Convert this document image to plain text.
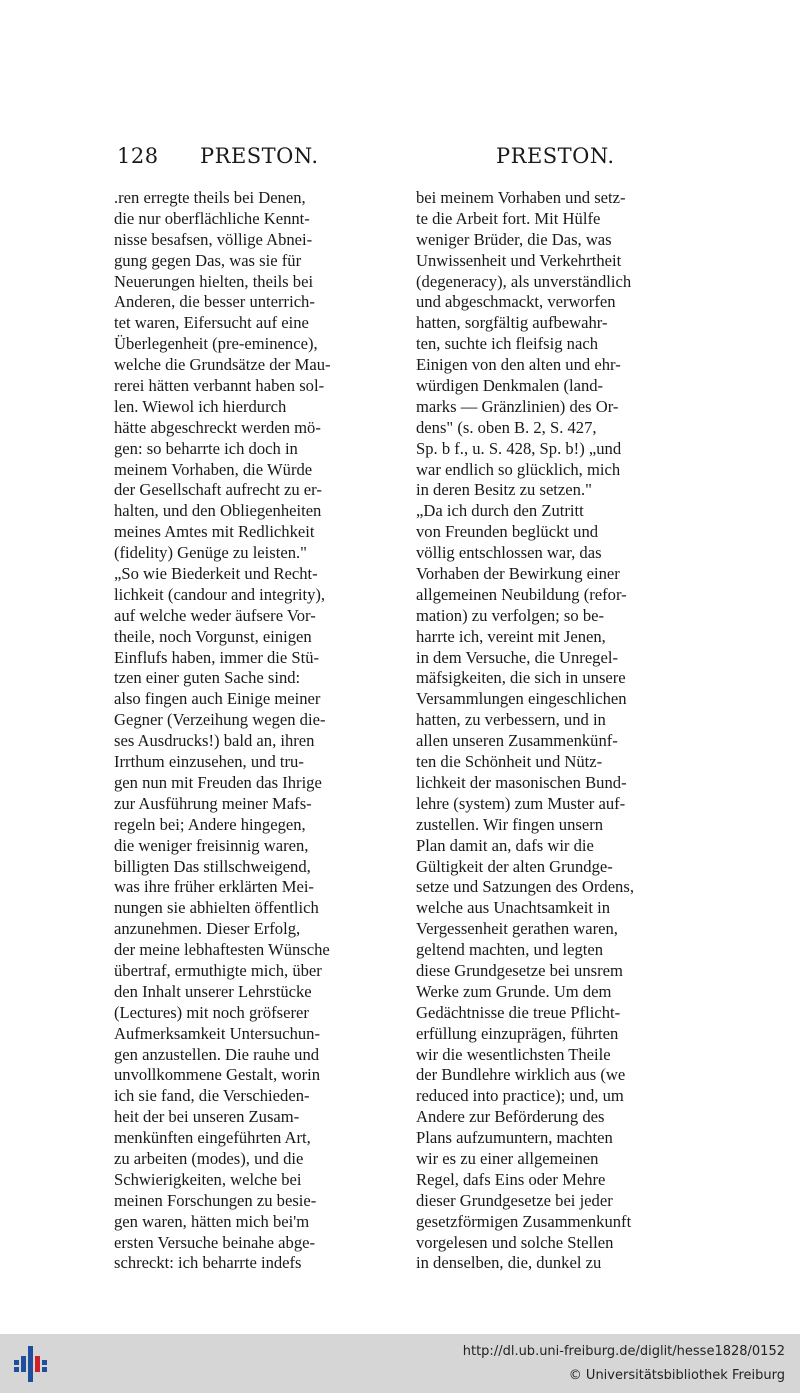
128 PRESTON.	PRESTON.
.ren erregte theils bei Denen,
die nur oberflächliche Kennt-
nisse besafsen, völlige Abnei-
gung gegen Das, was sie für
Neuerungen hielten, theils bei
Anderen, die besser unterrich-
tet waren, Eifersucht auf eine
Überlegenheit (pre-eminence),
welche die Grundsätze der Mau-
rerei hätten verbannt haben sol-
len. Wiewol ich hierdurch
hätte abgeschreckt werden mö-
gen: so beharrte ich doch in
meinem Vorhaben, die Würde
der Gesellschaft aufrecht zu er-
halten, und den Obliegenheiten
meines Amtes mit Redlichkeit
(fidelity) Genüge zu leisten."
„So wie Biederkeit und Recht-
lichkeit (candour and integrity),
auf welche weder äufsere Vor-
theile, noch Vorgunst, einigen
Einflufs haben, immer die Stü-
tzen einer guten Sache sind:
also fingen auch Einige meiner
Gegner (Verzeihung wegen die-
ses Ausdrucks!) bald an, ihren
Irrthum einzusehen, und tru-
gen nun mit Freuden das Ihrige
zur Ausführung meiner Mafs-
regeln bei; Andere hingegen,
die weniger freisinnig waren,
billigten Das stillschweigend,
was ihre früher erklärten Mei-
nungen sie abhielten öffentlich
anzunehmen. Dieser Erfolg,
der meine lebhaftesten Wünsche
übertraf, ermuthigte mich, über
den Inhalt unserer Lehrstücke
(Lectures) mit noch gröfserer
Aufmerksamkeit Untersuchun-
gen anzustellen. Die rauhe und
unvollkommene Gestalt, worin
ich sie fand, die Verschieden-
heit der bei unseren Zusam-
menkünften eingeführten Art,
zu arbeiten (modes), und die
Schwierigkeiten, welche bei
meinen Forschungen zu besie-
gen waren, hätten mich bei'm
ersten Versuche beinahe abge-
schreckt: ich beharrte indefs
bei meinem Vorhaben und setz-
te die Arbeit fort. Mit Hülfe
weniger Brüder, die Das, was
Unwissenheit und Verkehrtheit
(degeneracy), als unverständlich
und abgeschmackt, verworfen
hatten, sorgfältig aufbewahr-
ten, suchte ich fleifsig nach
Einigen von den alten und ehr-
würdigen Denkmalen (land-
marks — Gränzlinien) des Or-
dens" (s. oben B. 2, S. 427,
Sp. b f., u. S. 428, Sp. b!) „und
war endlich so glücklich, mich
in deren Besitz zu setzen."
„Da ich durch den Zutritt
von Freunden beglückt und
völlig entschlossen war, das
Vorhaben der Bewirkung einer
allgemeinen Neubildung (refor-
mation) zu verfolgen; so be-
harrte ich, vereint mit Jenen,
in dem Versuche, die Unregel-
mäfsigkeiten, die sich in unsere
Versammlungen eingeschlichen
hatten, zu verbessern, und in
allen unseren Zusammenkünf-
ten die Schönheit und Nütz-
lichkeit der masonischen Bund-
lehre (system) zum Muster auf-
zustellen. Wir fingen unsern
Plan damit an, dafs wir die
Gültigkeit der alten Grundge-
setze und Satzungen des Ordens,
welche aus Unachtsamkeit in
Vergessenheit gerathen waren,
geltend machten, und legten
diese Grundgesetze bei unsrem
Werke zum Grunde. Um dem
Gedächtnisse die treue Pflicht-
erfüllung einzuprägen, führten
wir die wesentlichsten Theile
der Bundlehre wirklich aus (we
reduced into practice); und, um
Andere zur Beförderung des
Plans aufzumuntern, machten
wir es zu einer allgemeinen
Regel, dafs Eins oder Mehre
dieser Grundgesetze bei jeder
gesetzförmigen Zusammenkunft
vorgelesen und solche Stellen
in denselben, die, dunkel zu
http://dl.ub.uni-freiburg.de/diglit/hesse1828/0152
© Universitätsbibliothek Freiburg
